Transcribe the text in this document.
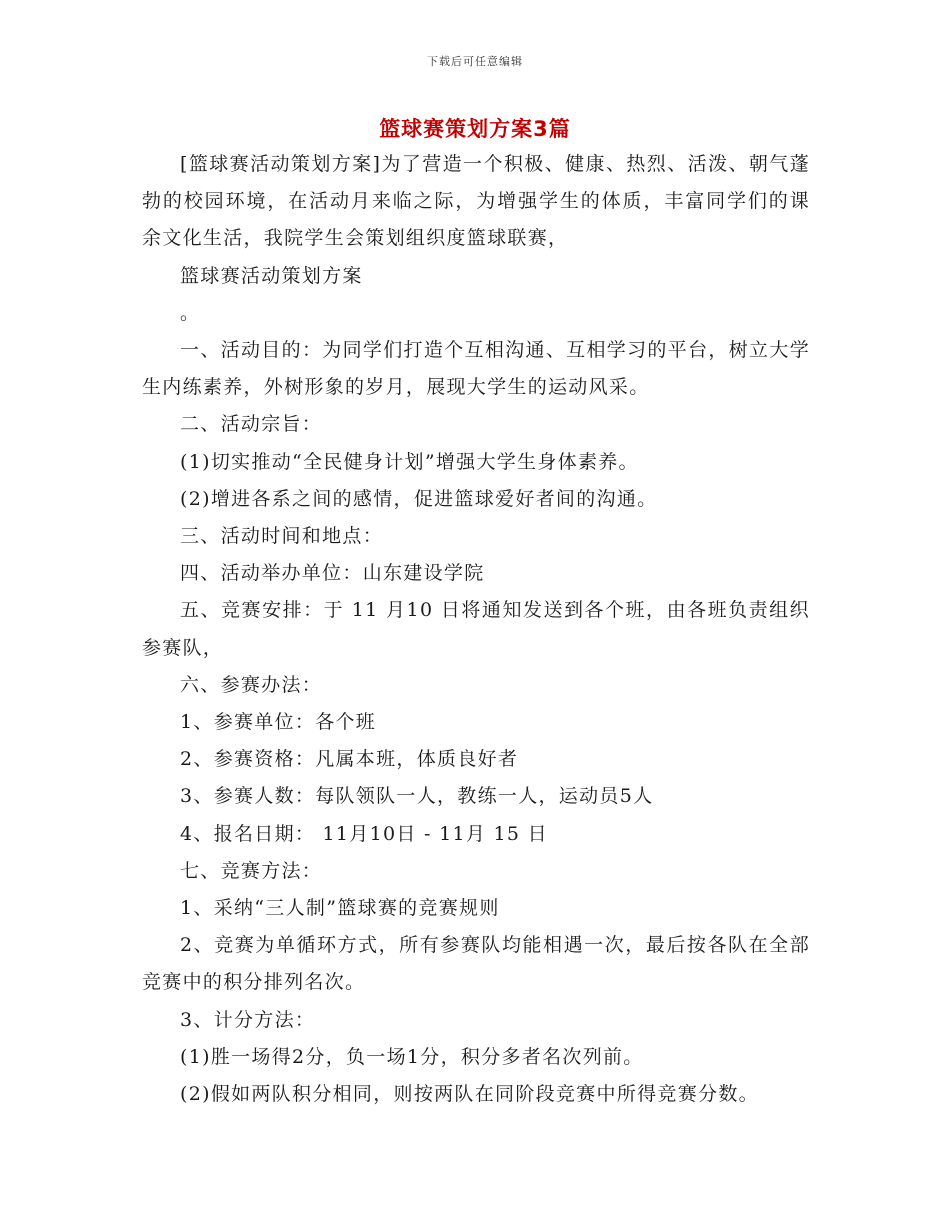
下载后可任意编辑
篮球赛策划方案3篇

[篮球赛活动策划方案]为了营造一个积极、健康、热烈、活泼、朝气蓬勃的校园环境，在活动月来临之际，为增强学生的体质，丰富同学们的课余文化生活，我院学生会策划组织度篮球联赛，

篮球赛活动策划方案

。

一、活动目的：为同学们打造个互相沟通、互相学习的平台，树立大学生内练素养，外树形象的岁月，展现大学生的运动风采。

二、活动宗旨：

(1)切实推动“全民健身计划”增强大学生身体素养。

(2)增进各系之间的感情，促进篮球爱好者间的沟通。

三、活动时间和地点：

四、活动举办单位：山东建设学院

五、竞赛安排：于 11 月10 日将通知发送到各个班，由各班负责组织参赛队，

六、参赛办法：

1、参赛单位：各个班

2、参赛资格：凡属本班，体质良好者

3、参赛人数：每队领队一人，教练一人，运动员5人

4、报名日期： 11月10日 - 11月 15 日

七、竞赛方法：

1、采纳“三人制”篮球赛的竞赛规则

2、竞赛为单循环方式，所有参赛队均能相遇一次，最后按各队在全部竞赛中的积分排列名次。

3、计分方法：

(1)胜一场得2分，负一场1分，积分多者名次列前。

(2)假如两队积分相同，则按两队在同阶段竞赛中所得竞赛分数。
